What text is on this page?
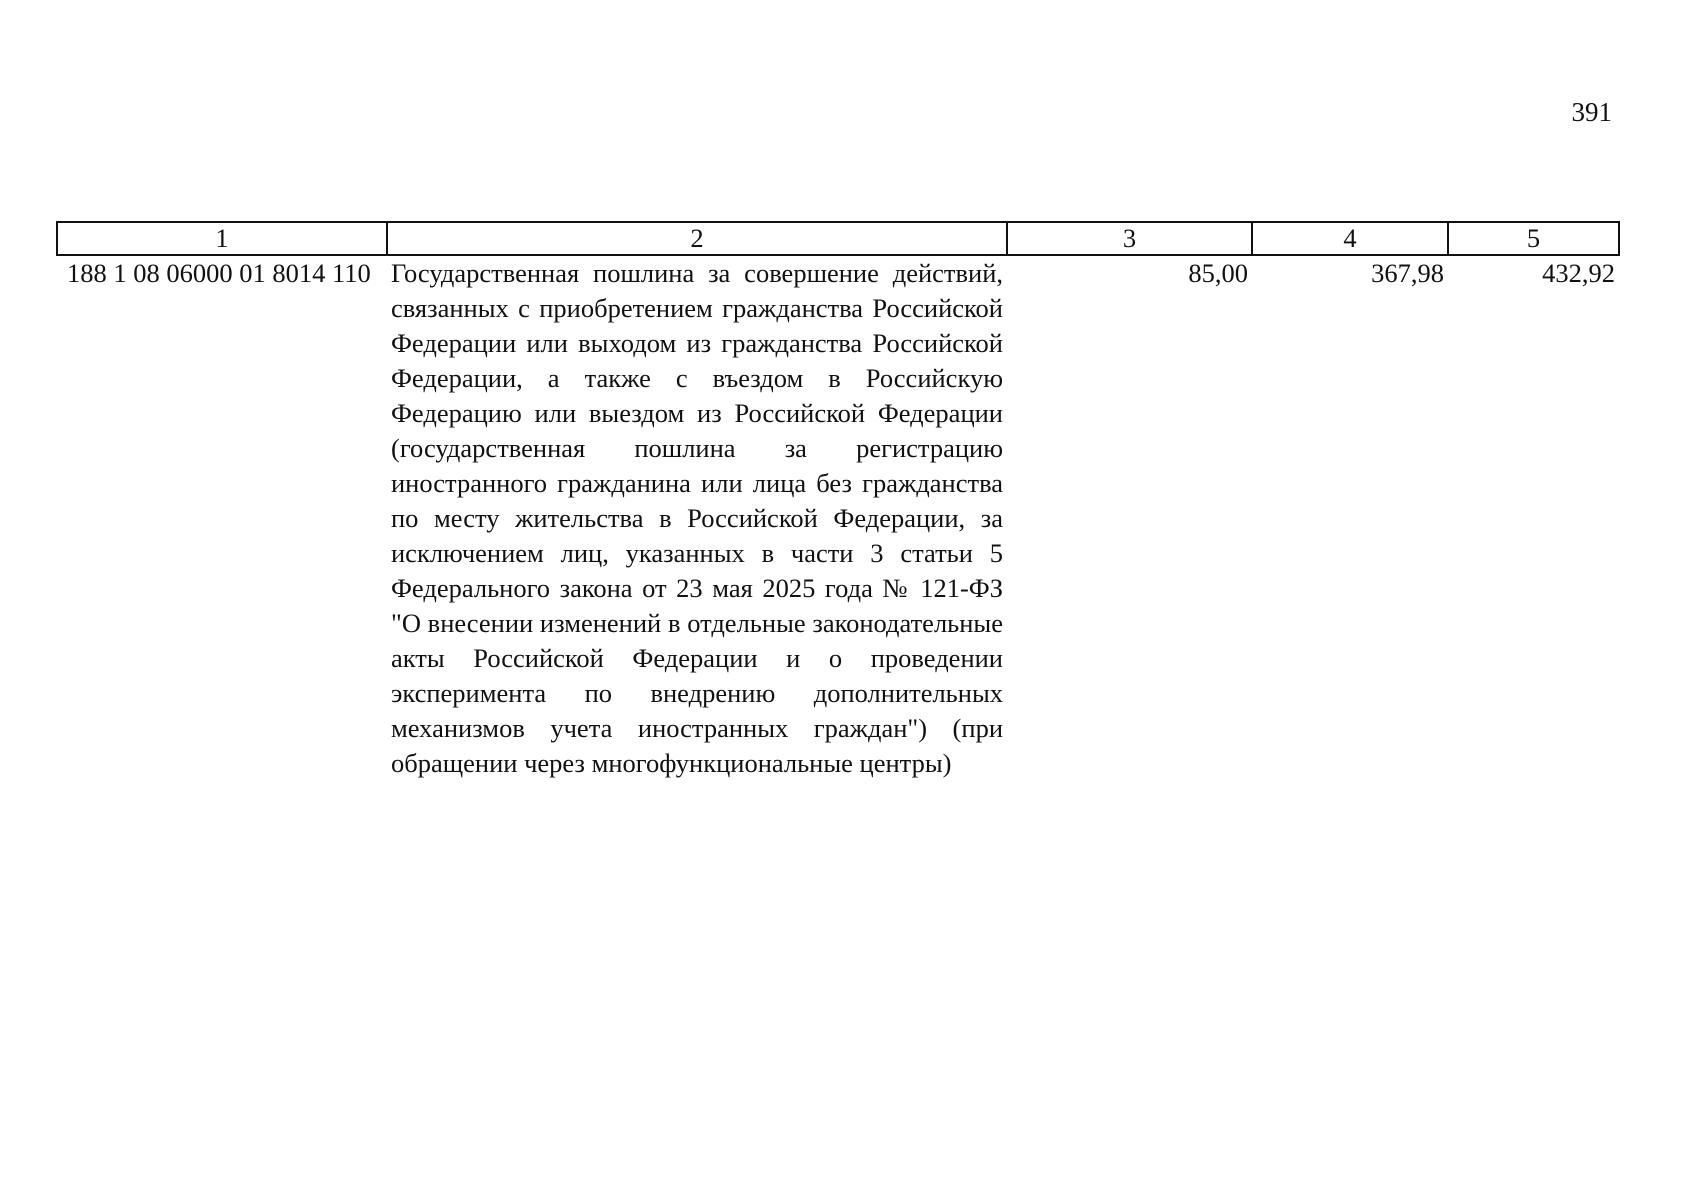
391
1	2	3	4	5
188 1 08 06000 01 8014 110	Государственная пошлина за совершение действий, связанных с приобретением гражданства Российской Федерации или выходом из гражданства Российской Федерации, а также с въездом в Российскую Федерацию или выездом из Российской Федерации (государственная пошлина за регистрацию иностранного гражданина или лица без гражданства по месту жительства в Российской Федерации, за исключением лиц, указанных в части 3 статьи 5 Федерального закона от 23 мая 2025 года № 121-ФЗ "О внесении изменений в отдельные законодательные акты Российской Федерации и о проведении эксперимента по внедрению дополнительных механизмов учета иностранных граждан") (при обращении через многофункциональные центры)	85,00	367,98	432,92
